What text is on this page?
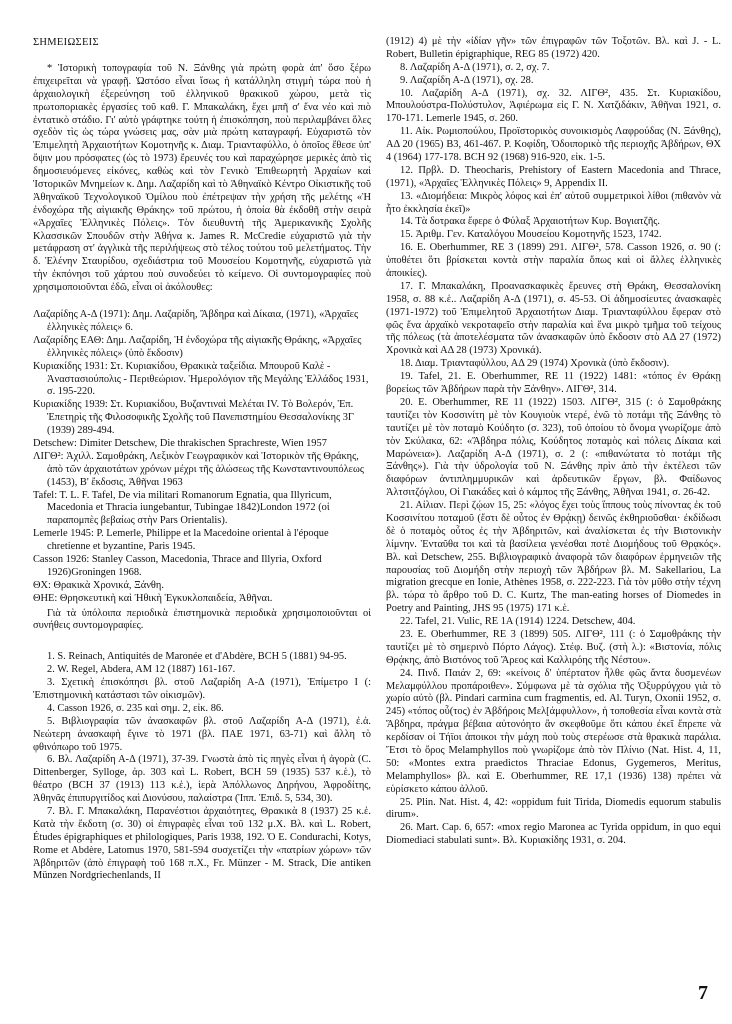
ΣΗΜΕΙΩΣΕΙΣ

* Ἱστορικὴ τοπογραφία τοῦ Ν. Ξάνθης γιὰ πρώτη φορὰ ἀπ' ὅσο ξέρω ἐπιχειρεῖται νὰ γραφῇ. Ὡστόσο εἶναι ἴσως ἡ κατάλληλη στιγμὴ τώρα ποὺ ἡ ἀρχαιολογικὴ ἐξερεύνηση τοῦ ἑλληνικοῦ θρακικοῦ χώρου, μετὰ τὶς πρωτοποριακὲς ἐργασίες τοῦ καθ. Γ. Μπακαλάκη, ἔχει μπῆ σ' ἕνα νέο καὶ πιὸ ἐντατικὸ στάδιο. Γι' αὐτὸ γράφτηκε τούτη ἡ ἐπισκόπηση, ποὺ περιλαμβάνει ὅλες σχεδὸν τὶς ὡς τώρα γνώσεις μας, σὰν μιὰ πρώτη καταγραφή. Εὐχαριστῶ τὸν Ἐπιμελητὴ Ἀρχαιοτήτων Κομοτηνῆς κ. Διαμ. Τριανταφύλλο, ὁ ὁποῖος ἔθεσε ὑπ' ὄψιν μου πρόσφατες (ὡς τὸ 1973) ἔρευνές του καὶ παραχώρησε μερικὲς ἀπὸ τὶς δημοσιευόμενες εἰκόνες, καθὼς καὶ τὸν Γενικὸ Ἐπιθεωρητὴ Ἀρχαίων καὶ Ἱστορικῶν Μνημείων κ. Δημ. Λαζαρίδη καὶ τὸ Ἀθηναϊκὸ Κέντρο Οἰκιστικῆς τοῦ Ἀθηναϊκοῦ Τεχνολογικοῦ Ὁμίλου ποὺ ἐπέτρεψαν τὴν χρήση τῆς μελέτης «Ἡ ἐνδοχώρα τῆς αἰγιακῆς Θράκης» τοῦ πρώτου, ἡ ὁποία θὰ ἐκδοθῆ στὴν σειρὰ «Ἀρχαῖες Ἑλληνικὲς Πόλεις». Τὸν διευθυντὴ τῆς Ἀμερικανικῆς Σχολῆς Κλασσικῶν Σπουδῶν στὴν Ἀθήνα κ. James R. McCredie εὐχαριστῶ γιὰ τὴν μετάφραση στ' ἀγγλικὰ τῆς περιλήψεως στὸ τέλος τούτου τοῦ μελετήματος. Τὴν δ. Ἑλένην Σταυρίδου, σχεδιάστρια τοῦ Μουσείου Κομοτηνῆς, εὐχαριστῶ γιὰ τὴν ἐκπόνησι τοῦ χάρτου ποὺ συνοδεύει τὸ κείμενο. Οἱ συντομογραφίες ποὺ χρησιμοποιοῦνται ἐδῶ, εἶναι οἱ ἀκόλουθες:

Λαζαρίδης Α-Δ (1971): Δημ. Λαζαρίδη, Ἄβδηρα καὶ Δίκαια, (1971), «Ἀρχαῖες ἑλληνικὲς πόλεις» 6.

Λαζαρίδης ΕΑΘ: Δημ. Λαζαρίδη, Ἡ ἐνδοχώρα τῆς αἰγιακῆς Θράκης, «Ἀρχαῖες ἑλληνικὲς πόλεις» (ὑπὸ ἔκδοσιν)

Κυριακίδης 1931: Στ. Κυριακίδου, Θρακικὰ ταξείδια. Μπουροῦ Καλὲ - Ἀναστασιούπολις - Περιθεώριον. Ἡμερολόγιον τῆς Μεγάλης Ἑλλάδος 1931, σ. 195-220.

Κυριακίδης 1939: Στ. Κυριακίδου, Βυζαντιναὶ Μελέται IV. Τὸ Βολερόν, Ἐπ. Ἐπετηρὶς τῆς Φιλοσοφικῆς Σχολῆς τοῦ Πανεπιστημίου Θεσσαλονίκης 3Γ (1939) 289-494.

Detschew: Dimiter Detschew, Die thrakischen Sprachreste, Wien 1957

ΛΙΓΘ²: Ἀχιλλ. Σαμοθράκη, Λεξικὸν Γεωγραφικὸν καὶ Ἱστορικὸν τῆς Θράκης, ἀπὸ τῶν ἀρχαιοτάτων χρόνων μέχρι τῆς ἁλώσεως τῆς Κωνσταντινουπόλεως (1453), Β' ἔκδοσις, Ἀθῆναι 1963

Tafel: T. L. F. Tafel, De via militari Romanorum Egnatia, qua Illyricum, Macedonia et Thracia iungebantur, Tubingae 1842)London 1972 (οἱ παραπομπὲς βεβαίως στὴν Pars Orientalis).

Lemerle 1945: P. Lemerle, Philippe et la Macedoine oriental à l'époque chretienne et byzantine, Paris 1945.

Casson 1926: Stanley Casson, Macedonia, Thrace and Illyria, Oxford 1926)Groningen 1968.

ΘΧ: Θρακικὰ Χρονικά, Ξάνθη.

ΘΗΕ: Θρησκευτικὴ καὶ Ἠθικὴ Ἐγκυκλοπαιδεία, Ἀθῆναι.

Γιὰ τὰ ὑπόλοιπα περιοδικὰ ἐπιστημονικὰ περιοδικὰ χρησιμοποιοῦνται οἱ συνήθεις συντομογραφίες.

1. S. Reinach, Antiquités de Maronée et d'Abdère, BCH 5 (1881) 94-95.

2. W. Regel, Abdera, AM 12 (1887) 161-167.

3. Σχετικὴ ἐπισκόπησι βλ. στοῦ Λαζαρίδη Α-Δ (1971), Ἐπίμετρο I (: Ἐπιστημονικὴ κατάστασι τῶν οἰκισμῶν).

4. Casson 1926, σ. 235 καὶ σημ. 2, εἰκ. 86.

5. Βιβλιογραφία τῶν ἀνασκαφῶν βλ. στοῦ Λαζαρίδη Α-Δ (1971), ἐ.ἀ. Νεώτερη ἀνασκαφὴ ἔγινε τὸ 1971 (βλ. ΠΑΕ 1971, 63-71) καὶ ἄλλη τὸ φθινόπωρο τοῦ 1975.

6. Βλ. Λαζαρίδη Α-Δ (1971), 37-39. Γνωστὰ ἀπὸ τὶς πηγὲς εἶναι ἡ ἀγορὰ (C. Dittenberger, Sylloge, ἀρ. 303 καὶ L. Robert, BCH 59 (1935) 537 κ.ἑ.), τὸ θέατρο (BCH 37 (1913) 113 κ.ἑ.), ἱερὰ Ἀπόλλωνος Δηρήνου, Ἀφροδίτης, Ἀθηνᾶς ἐπιπυργιτίδος καὶ Διονύσου, παλαίστρα (Ἱππ. Ἐπιδ. 5, 534, 30).

7. Βλ. Γ. Μπακαλάκη, Παρανέστιοι ἀρχαιότητες, Θρακικὰ 8 (1937) 25 κ.ἑ. Κατὰ τὴν ἔκδοτη (σ. 30) οἱ ἐπιγραφὲς εἶναι τοῦ 132 μ.Χ. Βλ. καὶ L. Robert, Études épigraphiques et philologiques, Paris 1938, 192. Ὁ E. Condurachi, Kotys, Rome et Abdère, Latomus 1970, 581-594 συσχετίζει τὴν «πατρίων χώρων» τῶν Ἀβδηριτῶν (ἀπὸ ἐπιγραφὴ τοῦ 168 π.Χ., Fr. Münzer - M. Strack, Die antiken Münzen Nordgriechenlands, II

(1912) 4) μὲ τὴν «ἰδίαν γῆν» τῶν ἐπιγραφῶν τῶν Τοξοτῶν. Βλ. καὶ J. - L. Robert, Bulletin épigraphique, REG 85 (1972) 420.

8. Λαζαρίδη Α-Δ (1971), σ. 2, σχ. 7.

9. Λαζαρίδη Α-Δ (1971), σχ. 28.

10. Λαζαρίδη Α-Δ (1971), σχ. 32. ΛΙΓΘ², 435. Στ. Κυριακίδου, Μπουλούστρα-Πολύστυλον, Ἀφιέρωμα εἰς Γ. Ν. Χατζιδάκιν, Ἀθῆναι 1921, σ. 170-171. Lemerle 1945, σ. 260.

11. Αἰκ. Ρωμιοπούλου, Προϊστορικὸς συνοικισμὸς Λαφρούδας (Ν. Ξάνθης), ΑΔ 20 (1965) Β3, 461-467. Ρ. Κοφίδη, Ὁδοιπορικὸ τῆς περιοχῆς Ἀβδήρων, ΘΧ 4 (1964) 177-178. BCH 92 (1968) 916-920, εἰκ. 1-5.

12. Πρβλ. D. Theocharis, Prehistory of Eastern Macedonia and Thrace, (1971), «Ἀρχαῖες Ἑλληνικὲς Πόλεις» 9, Appendix II.

13. «Διομήδεια: Μικρὸς λόφος καὶ ἐπ' αὐτοῦ συμμετρικοὶ λίθοι (πιθανὸν νὰ ἦτο ἐκκλησία ἐκεῖ)»

14. Τὰ δοτρακα ἔφερε ὁ Φύλαξ Ἀρχαιοτήτων Κυρ. Βογιατζῆς.

15. Ἀριθμ. Γεν. Καταλόγου Μουσείου Κομοτηνῆς 1523, 1742.

16. E. Oberhummer, RE 3 (1899) 291. ΛΙΓΘ², 578. Casson 1926, σ. 90 (: ὑποθέτει ὅτι βρίσκεται κοντὰ στὴν παραλία ὅπως καὶ οἱ ἄλλες ἑλληνικὲς ἀποικίες).

17. Γ. Μπακαλάκη, Προανασκαφικὲς ἔρευνες στὴ Θράκη, Θεσσαλονίκη 1958, σ. 88 κ.ἑ.. Λαζαρίδη Α-Δ (1971), σ. 45-53. Οἱ ἀδημοσίευτες ἀνασκαφὲς (1971-1972) τοῦ Ἐπιμελητοῦ Ἀρχαιοτήτων Διαμ. Τριανταφύλλου ἔφεραν στὸ φῶς ἕνα ἀρχαϊκὸ νεκροταφεῖο στὴν παραλία καὶ ἕνα μικρὸ τμῆμα τοῦ τείχους τῆς πόλεως (τὰ ἀποτελέσματα τῶν ἀνασκαφῶν ὑπὸ ἔκδοσιν στὸ ΑΔ 27 (1972) Χρονικὰ καὶ ΑΔ 28 (1973) Χρονικά).

18. Διαμ. Τριανταφύλλου, ΑΔ 29 (1974) Χρονικὰ (ὑπὸ ἔκδοσιν).

19. Tafel, 21. E. Oberhummer, RE 11 (1922) 1481: «τόπος ἐν Θράκῃ βορείως τῶν Ἀβδήρων παρὰ τὴν Ξάνθην». ΛΙΓΘ², 314.

20. E. Oberhummer, RE 11 (1922) 1503. ΛΙΓΘ², 315 (: ὁ Σαμοθράκης ταυτίζει τὸν Κοσσινίτη μὲ τὸν Κουγιοὺκ ντερέ, ἐνῶ τὸ ποτάμι τῆς Ξάνθης τὸ ταυτίζει μὲ τὸν ποταμὸ Κούδητο (σ. 323), τοῦ ὁποίου τὸ ὄνομα γνωρίζομε ἀπὸ τὸν Σκύλακα, 62: «Ἄβδηρα πόλις, Κούδητος ποταμὸς καὶ πόλεις Δίκαια καὶ Μαρώνεια»). Λαζαρίδη Α-Δ (1971), σ. 2 (: «πιθανώτατα τὸ ποτάμι τῆς Ξάνθης»). Γιὰ τὴν ὑδρολογία τοῦ Ν. Ξάνθης πρὶν ἀπὸ τὴν ἐκτέλεσι τῶν διαφόρων ἀντιπλημμυρικῶν καὶ ἀρδευτικῶν ἔργων, βλ. Φαίδωνος Ἀλτσιτζόγλου, Οἱ Γιακάδες καὶ ὁ κάμπος τῆς Ξάνθης, Ἀθῆναι 1941, σ. 26-42.

21. Αἰλιαν. Περὶ ζῴων 15, 25: «λόγος ἔχει τοὺς ἵππους τοὺς πίνοντας ἐκ τοῦ Κοσσινίτου ποταμοῦ (ἔστι δὲ οὗτος ἐν Θρᾴκῃ) δεινῶς ἐκθηριοῦσθαι· ἐκδίδωσι δὲ ὁ ποταμὸς οὗτος ἐς τὴν Ἀβδηριτῶν, καὶ ἀναλίσκεται ἐς τὴν Βιστονικὴν λίμνην. Ἐνταῦθα τοι καὶ τὰ βασίλεια γενέσθαι ποτὲ Διομήδους τοῦ Θρᾳκός». Βλ. καὶ Detschew, 255. Βιβλιογραφικὸ ἀναφορὰ τῶν διαφόρων ἑρμηνειῶν τῆς παρουσίας τοῦ Διομήδη στὴν περιοχὴ τῶν Ἀβδήρων βλ. M. Sakellariou, La migration grecque en Ionie, Athènes 1958, σ. 222-223. Γιὰ τὸν μῦθο στὴν τέχνη βλ. τώρα τὸ ἄρθρο τοῦ D. C. Kurtz, The man-eating horses of Diomedes in Poetry and Painting, JHS 95 (1975) 171 κ.ἑ.

22. Tafel, 21. Vulic, RE 1A (1914) 1224. Detschew, 404.

23. E. Oberhummer, RE 3 (1899) 505. ΛΙΓΘ², 111 (: ὁ Σαμοθράκης τὴν ταυτίζει μὲ τὸ σημερινὸ Πόρτο Λάγος). Στέφ. Βυζ. (στὴ λ.): «Βιστονία, πόλις Θρᾴκης, ἀπὸ Βιστόνος τοῦ Ἄρεος καὶ Καλλιρόης τῆς Νέστου».

24. Πινδ. Παιάν 2, 69: «κείνοις δ' ὑπέρτατον ἦλθε φῶς ἄντα δυσμενέων Μελαμφύλλου προπάροιθεν». Σύμφωνα μὲ τὰ σχόλια τῆς Ὀξυρρύγχου γιὰ τὸ χωρίο αὐτὸ (βλ. Pindari carmina cum fragmentis, ed. Al. Turyn, Oxonii 1952, σ. 245) «τόπος οὗ(τος) ἐν Ἀβδήροις Μελ[άμφυλλον», ἡ τοποθεσία εἶναι κοντὰ στὰ Ἄβδηρα, πράγμα βέβαια αὐτονόητο ἂν σκεφθοῦμε ὅτι κάπου ἐκεῖ ἔπρεπε νὰ κερδίσαν οἱ Τήϊοι ἀποικοι τὴν μάχη ποὺ τοὺς στερέωσε στὰ θρακικὰ παράλια. Ἔτσι τὸ ὄρος Melamphyllos ποὺ γνωρίζομε ἀπὸ τὸν Πλίνιο (Nat. Hist. 4, 11, 50: «Montes extra praedictos Thraciae Edonus, Gygemeros, Meritus, Melamphyllos» βλ. καὶ E. Oberhummer, RE 17,1 (1936) 138) πρέπει νὰ εὑρίσκετο κάπου ἀλλοῦ.

25. Plin. Nat. Hist. 4, 42: «oppidum fuit Tirida, Diomedis equorum stabulis dirum».

26. Mart. Cap. 6, 657: «mox regio Maronea ac Tyrida oppidum, in quo equi Diomediaci stabulati sunt». Βλ. Κυριακίδης 1931, σ. 204.

7
